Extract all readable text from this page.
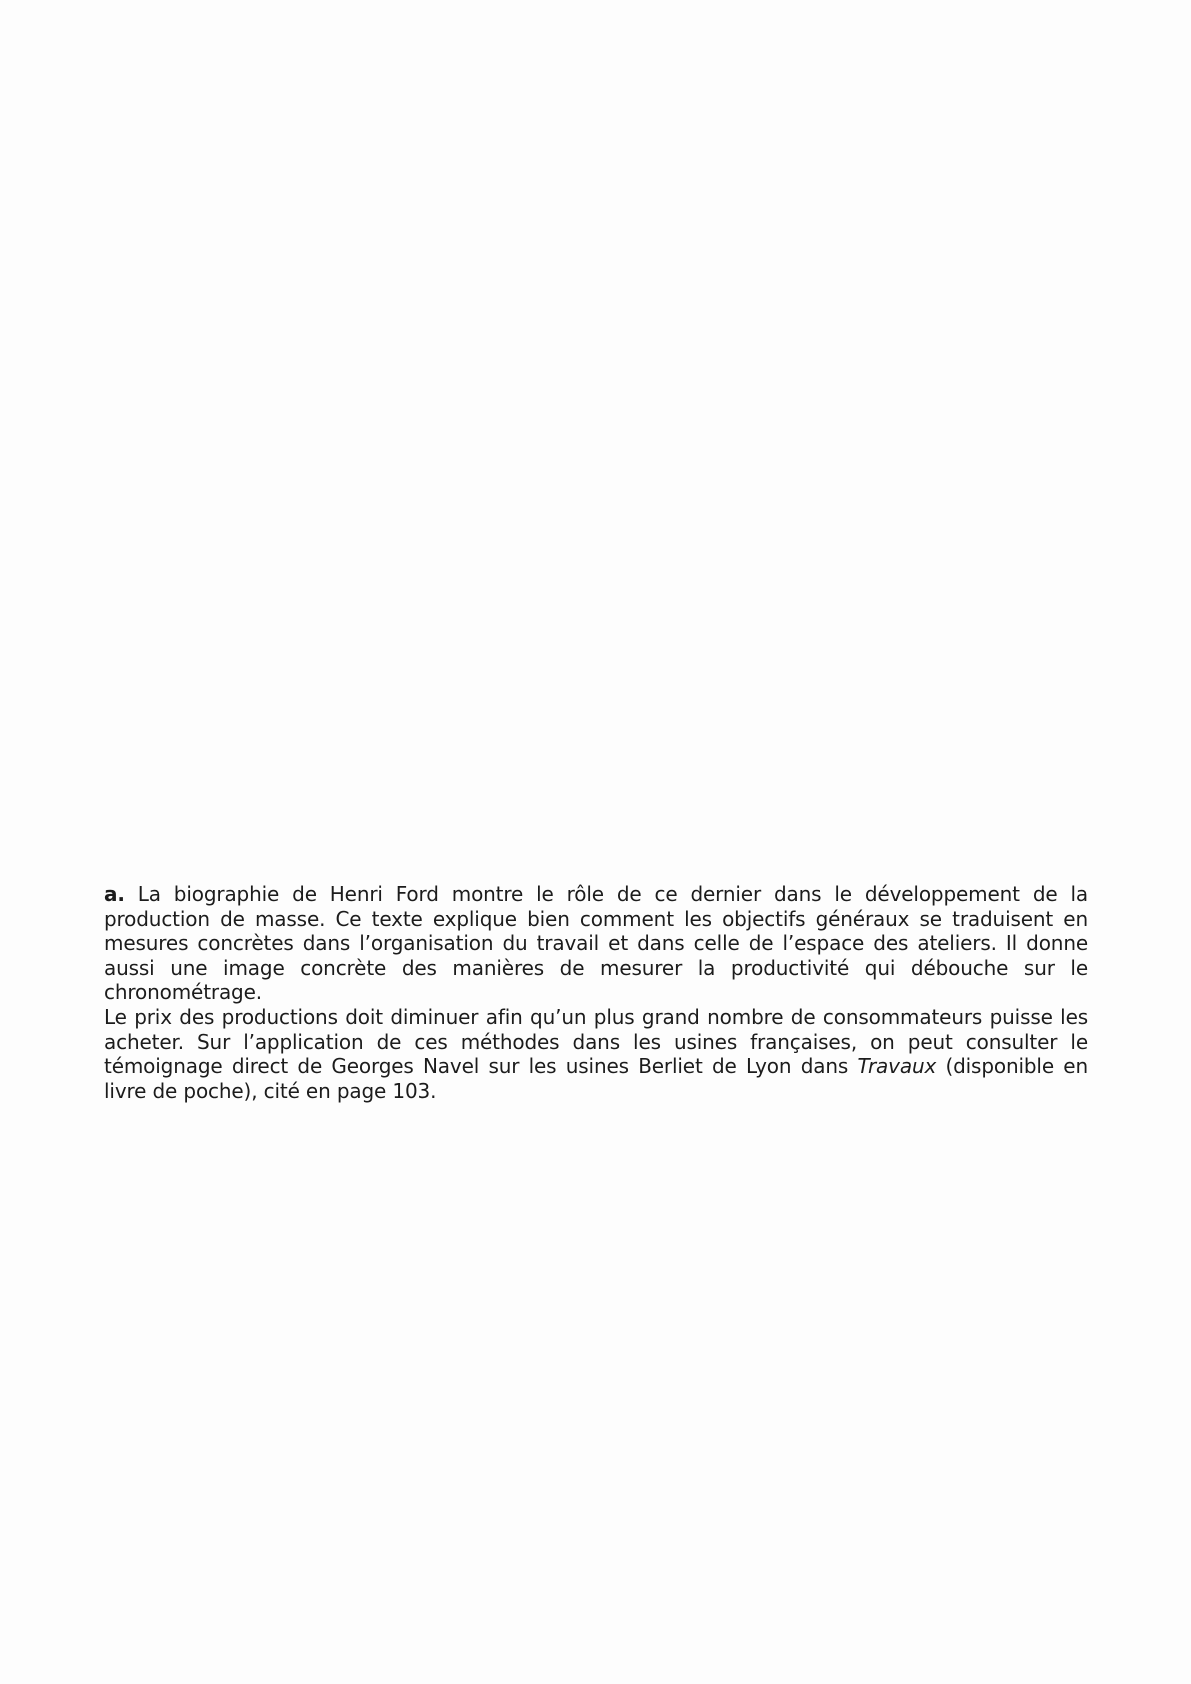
a. La biographie de Henri Ford montre le rôle de ce dernier dans le développement de la production de masse. Ce texte explique bien comment les objectifs généraux se traduisent en mesures concrètes dans l’organisation du travail et dans celle de l’espace des ateliers. Il donne aussi une image concrète des manières de mesurer la productivité qui débouche sur le chronométrage.

Le prix des productions doit diminuer afin qu’un plus grand nombre de consommateurs puisse les acheter. Sur l’application de ces méthodes dans les usines françaises, on peut consulter le témoignage direct de Georges Navel sur les usines Berliet de Lyon dans Travaux (disponible en livre de poche), cité en page 103.
